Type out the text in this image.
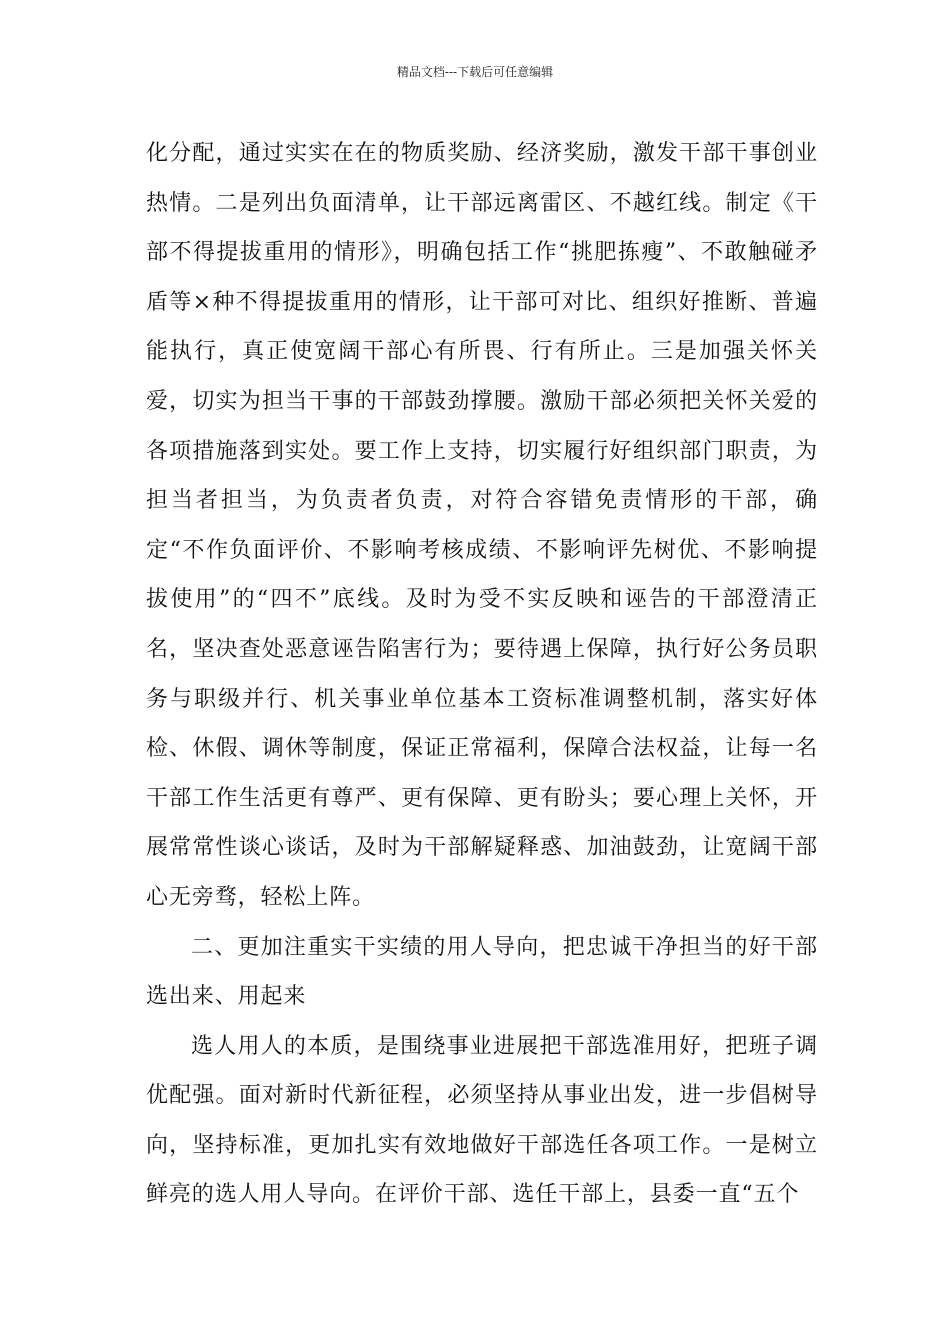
精品文档---下载后可任意编辑

化分配，通过实实在在的物质奖励、经济奖励，激发干部干事创业热情。二是列出负面清单，让干部远离雷区、不越红线。制定《干部不得提拔重用的情形》，明确包括工作“挑肥拣瘦”、不敢触碰矛盾等×种不得提拔重用的情形，让干部可对比、组织好推断、普遍能执行，真正使宽阔干部心有所畏、行有所止。三是加强关怀关爱，切实为担当干事的干部鼓劲撑腰。激励干部必须把关怀关爱的各项措施落到实处。要工作上支持，切实履行好组织部门职责，为担当者担当，为负责者负责，对符合容错免责情形的干部，确定“不作负面评价、不影响考核成绩、不影响评先树优、不影响提拔使用”的“四不”底线。及时为受不实反映和诬告的干部澄清正名，坚决查处恶意诬告陷害行为；要待遇上保障，执行好公务员职务与职级并行、机关事业单位基本工资标准调整机制，落实好体检、休假、调休等制度，保证正常福利，保障合法权益，让每一名干部工作生活更有尊严、更有保障、更有盼头；要心理上关怀，开展常常性谈心谈话，及时为干部解疑释惑、加油鼓劲，让宽阔干部心无旁骛，轻松上阵。

二、更加注重实干实绩的用人导向，把忠诚干净担当的好干部选出来、用起来

选人用人的本质，是围绕事业进展把干部选准用好，把班子调优配强。面对新时代新征程，必须坚持从事业出发，进一步倡树导向，坚持标准，更加扎实有效地做好干部选任各项工作。一是树立鲜亮的选人用人导向。在评价干部、选任干部上，县委一直“五个
